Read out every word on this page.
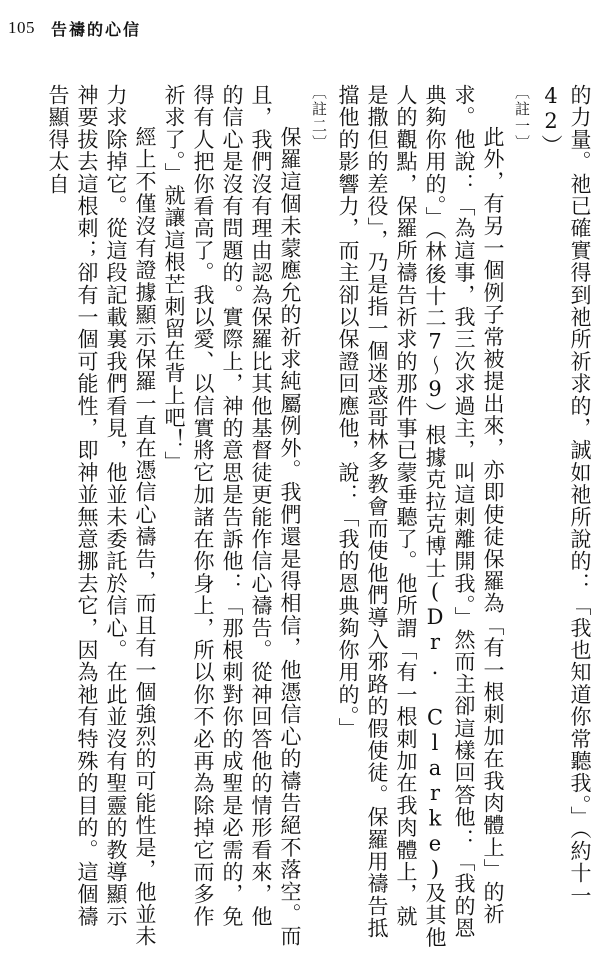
105 告禱的心信

的力量。祂已確實得到祂所祈求的，誠如祂所說的：「我也知道你常聽我。」（約十一42）

〔註一〕

此外，有另一個例子常被提出來，亦即使徒保羅為「有一根刺加在我肉體上」的祈求。他說：「為這事，我三次求過主，叫這刺離開我。」然而主卻這樣回答他：「我的恩典夠你用的。」（林後十二7～9）根據克拉克博士(Dr. Clarke)及其他人的觀點，保羅所禱告祈求的那件事已蒙垂聽了。他所謂「有一根刺加在我肉體上，就是撒但的差役」，乃是指一個迷惑哥林多教會而使他們導入邪路的假使徒。保羅用禱告抵擋他的影響力，而主卻以保證回應他，說：「我的恩典夠你用的。」

〔註二〕

保羅這個未蒙應允的祈求純屬例外。我們還是得相信，他憑信心的禱告絕不落空。而且，我們沒有理由認為保羅比其他基督徒更能作信心禱告。從神回答他的情形看來，他的信心是沒有問題的。實際上，神的意思是告訴他：「那根刺對你的成聖是必需的，免得有人把你看高了。我以愛、以信實將它加諸在你身上，所以你不必再為除掉它而多作祈求了。」就讓這根芒刺留在背上吧！」

經上不僅沒有證據顯示保羅一直在憑信心禱告，而且有一個強烈的可能性是，他並未力求除掉它。從這段記載裏我們看見，他並未委託於信心。在此並沒有聖靈的教導顯示神要拔去這根刺；卻有一個可能性，即神並無意挪去它，因為祂有特殊的目的。這個禱告顯得太自
